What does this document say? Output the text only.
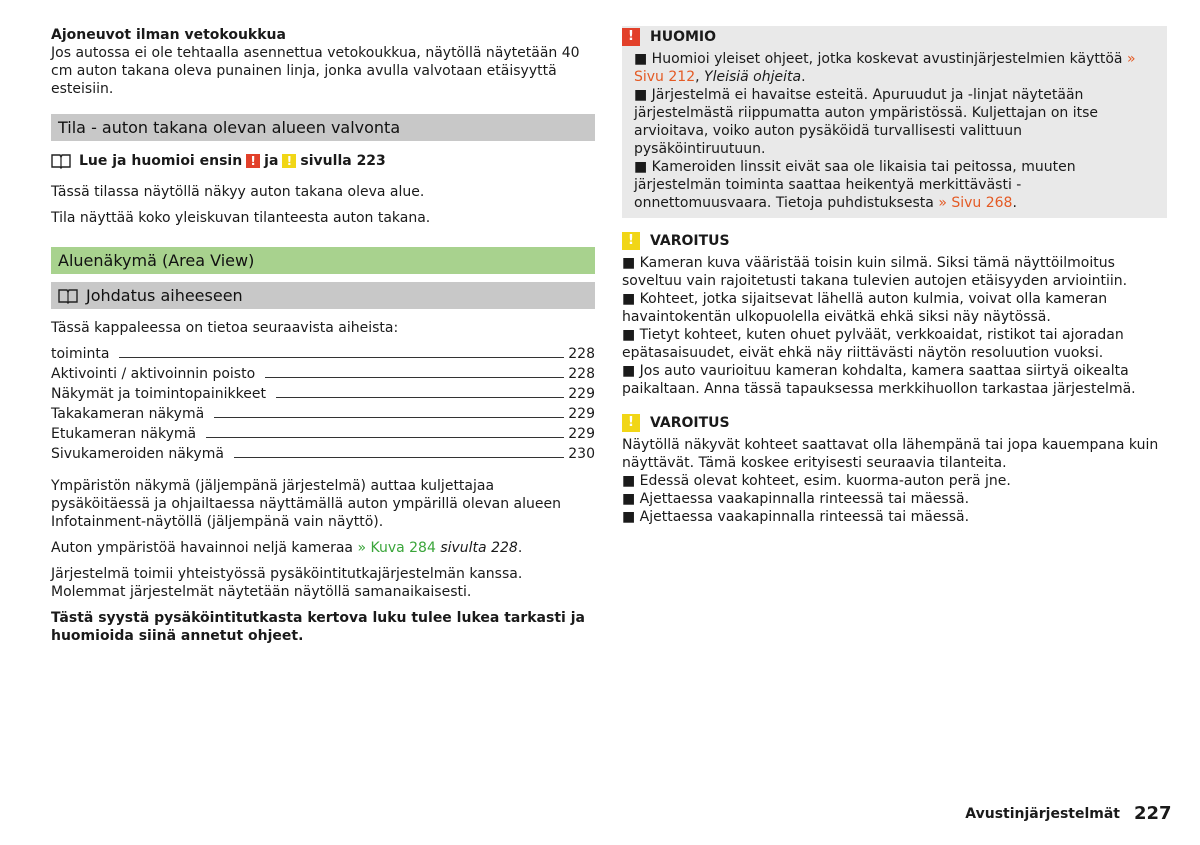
Ajoneuvot ilman vetokoukkua

Jos autossa ei ole tehtaalla asennettua vetokoukkua, näytöllä näytetään 40 cm auton takana oleva punainen linja, jonka avulla valvotaan etäisyyttä esteisiin.

Tila - auton takana olevan alueen valvonta
Lue ja huomioi ensin ! ja ! sivulla 223

Tässä tilassa näytöllä näkyy auton takana oleva alue.

Tila näyttää koko yleiskuvan tilanteesta auton takana.

Aluenäkymä (Area View)
Johdatus aiheeseen

Tässä kappaleessa on tietoa seuraavista aiheista:

toiminta	228
Aktivointi / aktivoinnin poisto	228
Näkymät ja toimintopainikkeet	229
Takakameran näkymä	229
Etukameran näkymä	229
Sivukameroiden näkymä	230

Ympäristön näkymä (jäljempänä järjestelmä) auttaa kuljettajaa pysäköitäessä ja ohjailtaessa näyttämällä auton ympärillä olevan alueen Infotainment-näytöllä (jäljempänä vain näyttö).

Auton ympäristöä havainnoi neljä kameraa » Kuva 284 sivulta 228.

Järjestelmä toimii yhteistyössä pysäköintitutkajärjestelmän kanssa. Molemmat järjestelmät näytetään näytöllä samanaikaisesti.

Tästä syystä pysäköintitutkasta kertova luku tulee lukea tarkasti ja huomioida siinä annetut ohjeet.

!	HUOMIO

■ Huomioi yleiset ohjeet, jotka koskevat avustinjärjestelmien käyttöä » Sivu 212, Yleisiä ohjeita.

■ Järjestelmä ei havaitse esteitä. Apuruudut ja -linjat näytetään järjestelmästä riippumatta auton ympäristössä. Kuljettajan on itse arvioitava, voiko auton pysäköidä turvallisesti valittuun pysäköintiruutuun.

■ Kameroiden linssit eivät saa ole likaisia tai peitossa, muuten järjestelmän toiminta saattaa heikentyä merkittävästi - onnettomuusvaara. Tietoja puhdistuksesta » Sivu 268.

!	VAROITUS

■ Kameran kuva vääristää toisin kuin silmä. Siksi tämä näyttöilmoitus soveltuu vain rajoitetusti takana tulevien autojen etäisyyden arviointiin.

■ Kohteet, jotka sijaitsevat lähellä auton kulmia, voivat olla kameran havaintokentän ulkopuolella eivätkä ehkä siksi näy näytössä.

■ Tietyt kohteet, kuten ohuet pylväät, verkkoaidat, ristikot tai ajoradan epätasaisuudet, eivät ehkä näy riittävästi näytön resoluution vuoksi.

■ Jos auto vaurioituu kameran kohdalta, kamera saattaa siirtyä oikealta paikaltaan. Anna tässä tapauksessa merkkihuollon tarkastaa järjestelmä.

!	VAROITUS

Näytöllä näkyvät kohteet saattavat olla lähempänä tai jopa kauempana kuin näyttävät. Tämä koskee erityisesti seuraavia tilanteita.

■ Edessä olevat kohteet, esim. kuorma-auton perä jne.

■ Ajettaessa vaakapinnalla rinteessä tai mäessä.

■ Ajettaessa vaakapinnalla rinteessä tai mäessä.

Avustinjärjestelmät 227
